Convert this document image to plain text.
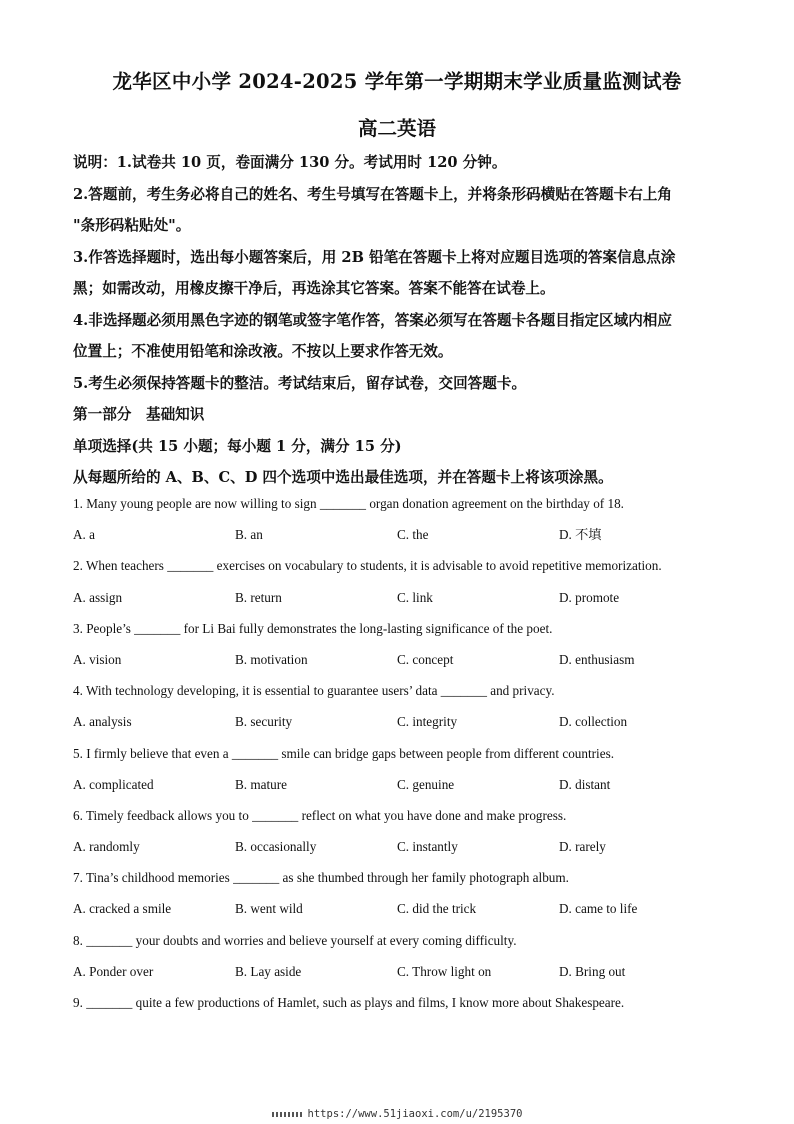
龙华区中小学 2024-2025 学年第一学期期末学业质量监测试卷
高二英语
说明：1.试卷共 10 页，卷面满分 130 分。考试用时 120 分钟。
2.答题前，考生务必将自己的姓名、考生号填写在答题卡上，并将条形码横贴在答题卡右上角
"条形码粘贴处"。
3.作答选择题时，选出每小题答案后，用 2B 铅笔在答题卡上将对应题目选项的答案信息点涂
黑；如需改动，用橡皮擦干净后，再选涂其它答案。答案不能答在试卷上。
4.非选择题必须用黑色字迹的钢笔或签字笔作答，答案必须写在答题卡各题目指定区域内相应
位置上；不准使用铅笔和涂改液。不按以上要求作答无效。
5.考生必须保持答题卡的整洁。考试结束后，留存试卷，交回答题卡。
第一部分　基础知识
单项选择(共 15 小题；每小题 1 分，满分 15 分)
从每题所给的 A、B、C、D 四个选项中选出最佳选项，并在答题卡上将该项涂黑。
1. Many young people are now willing to sign _______ organ donation agreement on the birthday of 18.
A. a	B. an	C. the	D. 不填
2. When teachers _______ exercises on vocabulary to students, it is advisable to avoid repetitive memorization.
A. assign	B. return	C. link	D. promote
3. People’s _______ for Li Bai fully demonstrates the long-lasting significance of the poet.
A. vision	B. motivation	C. concept	D. enthusiasm
4. With technology developing, it is essential to guarantee users’ data _______ and privacy.
A. analysis	B. security	C. integrity	D. collection
5. I firmly believe that even a _______ smile can bridge gaps between people from different countries.
A. complicated	B. mature	C. genuine	D. distant
6. Timely feedback allows you to _______ reflect on what you have done and make progress.
A. randomly	B. occasionally	C. instantly	D. rarely
7. Tina’s childhood memories _______ as she thumbed through her family photograph album.
A. cracked a smile	B. went wild	C. did the trick	D. came to life
8. _______ your doubts and worries and believe yourself at every coming difficulty.
A. Ponder over	B. Lay aside	C. Throw light on	D. Bring out
9. _______ quite a few productions of Hamlet, such as plays and films, I know more about Shakespeare.
https://www.51jiaoxi.com/u/2195370
